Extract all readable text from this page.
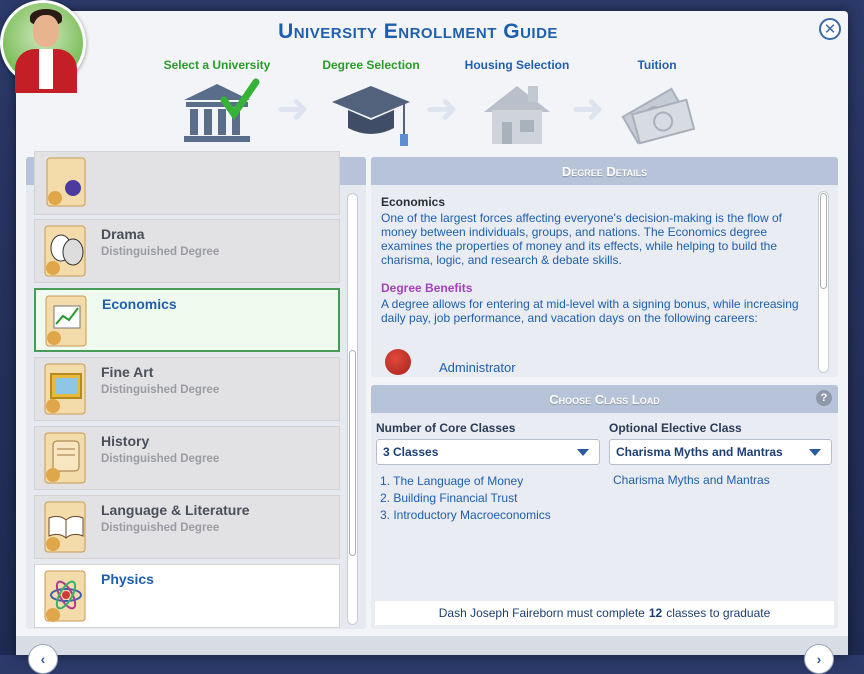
University Enrollment Guide	✕
Select a University
➜
Degree Selection
➜
Housing Selection
➜
Tuition
Drama
Distinguished Degree
Economics
Fine Art
Distinguished Degree
History
Distinguished Degree
Language & Literature
Distinguished Degree
Physics
Degree Details
Economics
One of the largest forces affecting everyone's decision-making is the flow of money between individuals, groups, and nations. The Economics degree examines the properties of money and its effects, while helping to build the charisma, logic, and research & debate skills.
Degree Benefits
A degree allows for entering at mid-level with a signing bonus, while increasing daily pay, job performance, and vacation days on the following careers:
Administrator
Choose Class Load	?
Number of Core Classes	Optional Elective Class
3 Classes	Charisma Myths and Mantras
1. The Language of Money
2. Building Financial Trust
3. Introductory Macroeconomics
Charisma Myths and Mantras
Dash Joseph Faireborn must complete 12 classes to graduate
‹	›
